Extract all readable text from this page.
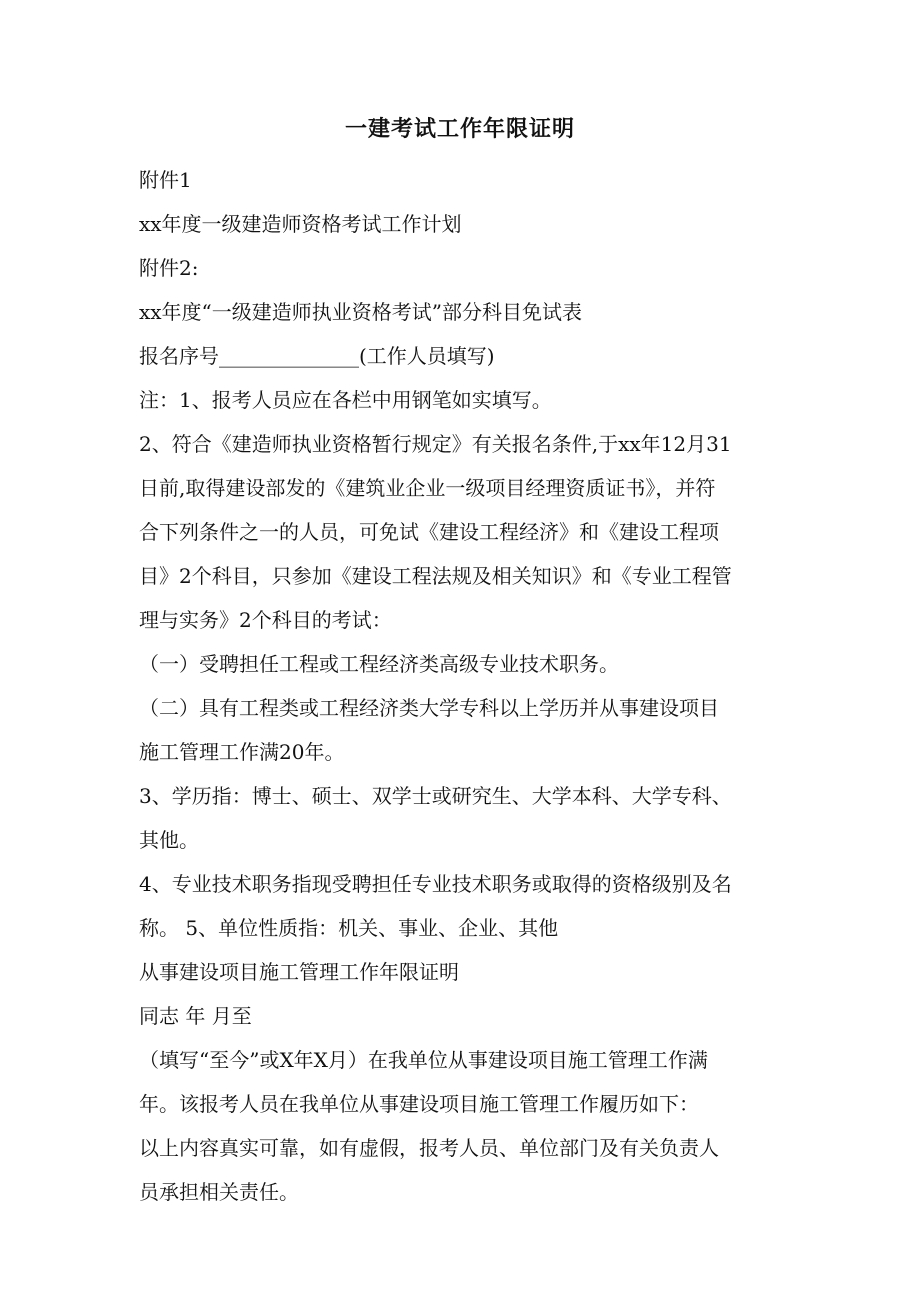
一建考试工作年限证明

附件1

xx年度一级建造师资格考试工作计划

附件2:

xx年度“一级建造师执业资格考试”部分科目免试表

报名序号______________(工作人员填写)

注：1、报考人员应在各栏中用钢笔如实填写。

2、符合《建造师执业资格暂行规定》有关报名条件,于xx年12月31

日前,取得建设部发的《建筑业企业一级项目经理资质证书》，并符

合下列条件之一的人员，可免试《建设工程经济》和《建设工程项

目》2个科目，只参加《建设工程法规及相关知识》和《专业工程管

理与实务》2个科目的考试：

（一）受聘担任工程或工程经济类高级专业技术职务。

（二）具有工程类或工程经济类大学专科以上学历并从事建设项目

施工管理工作满20年。

3、学历指：博士、硕士、双学士或研究生、大学本科、大学专科、

其他。

4、专业技术职务指现受聘担任专业技术职务或取得的资格级别及名

称。 5、单位性质指：机关、事业、企业、其他

从事建设项目施工管理工作年限证明

同志 年 月至

（填写“至今”或X年X月）在我单位从事建设项目施工管理工作满

年。该报考人员在我单位从事建设项目施工管理工作履历如下：

以上内容真实可靠，如有虚假，报考人员、单位部门及有关负责人

员承担相关责任。
